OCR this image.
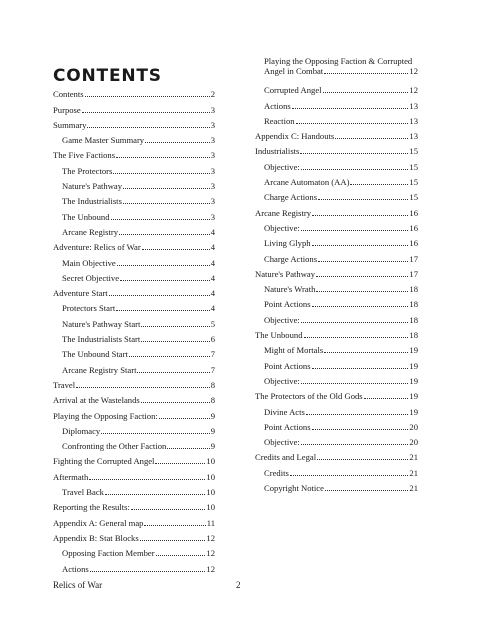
CONTENTS
Contents	2
Purpose	3
Summary	3
Game Master Summary	3
The Five Factions	3
The Protectors	3
Nature's Pathway	3
The Industrialists	3
The Unbound	3
Arcane Registry	4
Adventure: Relics of War	4
Main Objective	4
Secret Objective	4
Adventure Start	4
Protectors Start	4
Nature's Pathway Start	5
The Industrialists Start	6
The Unbound Start	7
Arcane Registry Start	7
Travel	8
Arrival at the Wastelands	8
Playing the Opposing Faction:	9
Diplomacy	9
Confronting the Other Faction	9
Fighting the Corrupted Angel	10
Aftermath	10
Travel Back	10
Reporting the Results:	10
Appendix A: General map	11
Appendix B: Stat Blocks	12
Opposing Faction Member	12
Actions	12
Playing the Opposing Faction & Corrupted
Angel in Combat	12
Corrupted Angel	12
Actions	13
Reaction	13
Appendix C: Handouts	13
Industrialists	15
Objective:	15
Arcane Automaton (AA)	15
Charge Actions	15
Arcane Registry	16
Objective:	16
Living Glyph	16
Charge Actions	17
Nature's Pathway	17
Nature's Wrath	18
Point Actions	18
Objective:	18
The Unbound	18
Might of Mortals	19
Point Actions	19
Objective:	19
The Protectors of the Old Gods	19
Divine Acts	19
Point Actions	20
Objective:	20
Credits and Legal	21
Credits	21
Copyright Notice	21
Relics of War	2
